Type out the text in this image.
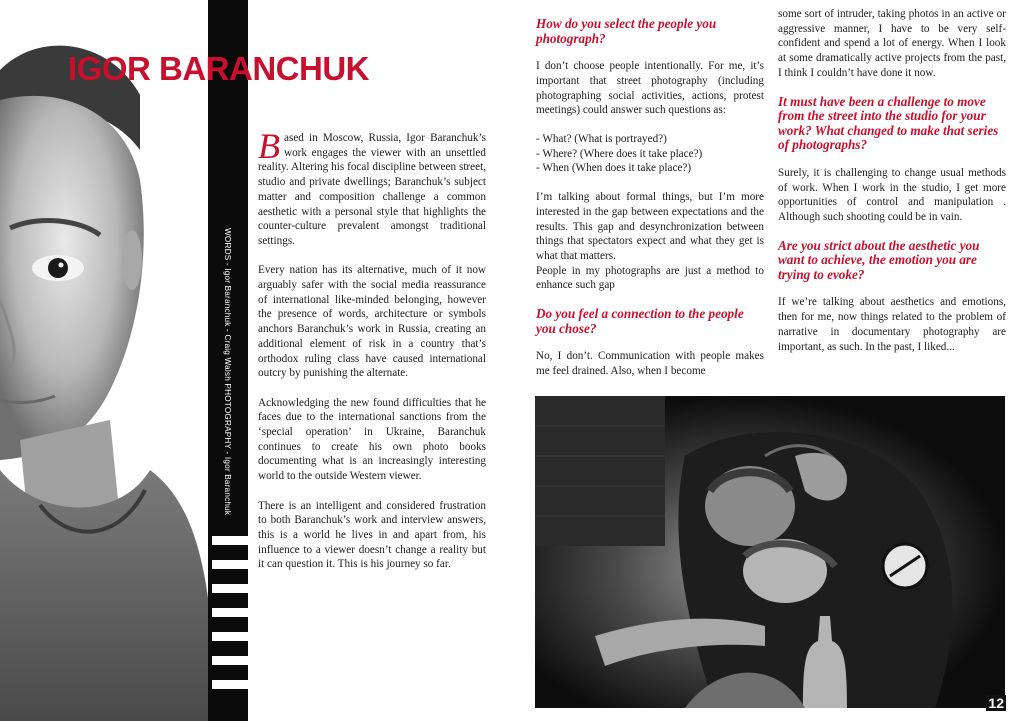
WORDS - Igor Baranchuk - Craig Walsh PHOTOGRAPHY - Igor Baranchuk
IGOR BARANCHUK

Based in Moscow, Russia, Igor Baranchuk’s work engages the viewer with an unsettled reality. Altering his focal discipline between street, studio and private dwellings; Baranchuk’s subject matter and composition challenge a common aesthetic with a personal style that highlights the counter-culture prevalent amongst traditional settings.

Every nation has its alternative, much of it now arguably safer with the social media reassurance of international like-minded belonging, however the presence of words, architecture or symbols anchors Baranchuk’s work in Russia, creating an additional element of risk in a country that’s orthodox ruling class have caused international outcry by punishing the alternate.

Acknowledging the new found difficulties that he faces due to the international sanctions from the ‘special operation’ in Ukraine, Baranchuk continues to create his own photo books documenting what is an increasingly interesting world to the outside Western viewer.

There is an intelligent and considered frustration to both Baranchuk’s work and interview answers, this is a world he lives in and apart from, his influence to a viewer doesn’t change a reality but it can question it. This is his journey so far.

How do you select the people you photograph?
I don’t choose people intentionally. For me, it’s important that street photography (including photographing social activities, actions, protest meetings) could answer such questions as:
- What? (What is portrayed?)
- Where? (Where does it take place?)
- When (When does it take place?)
I’m talking about formal things, but I’m more interested in the gap between expectations and the results. This gap and desynchronization between things that spectators expect and what they get is what that matters.
People in my photographs are just a method to enhance such gap
Do you feel a connection to the people you chose?
No, I don’t. Communication with people makes me feel drained. Also, when I become
some sort of intruder, taking photos in an active or aggressive manner, I have to be very self-confident and spend a lot of energy. When I look at some dramatically active projects from the past, I think I couldn’t have done it now.
It must have been a challenge to move from the street into the studio for your work? What changed to make that series of photographs?
Surely, it is challenging to change usual methods of work. When I work in the studio, I get more opportunities of control and manipulation . Although such shooting could be in vain.
Are you strict about the aesthetic you want to achieve, the emotion you are trying to evoke?
If we’re talking about aesthetics and emotions, then for me, now things related to the problem of narrative in documentary photography are important, as such. In the past, I liked...
12
